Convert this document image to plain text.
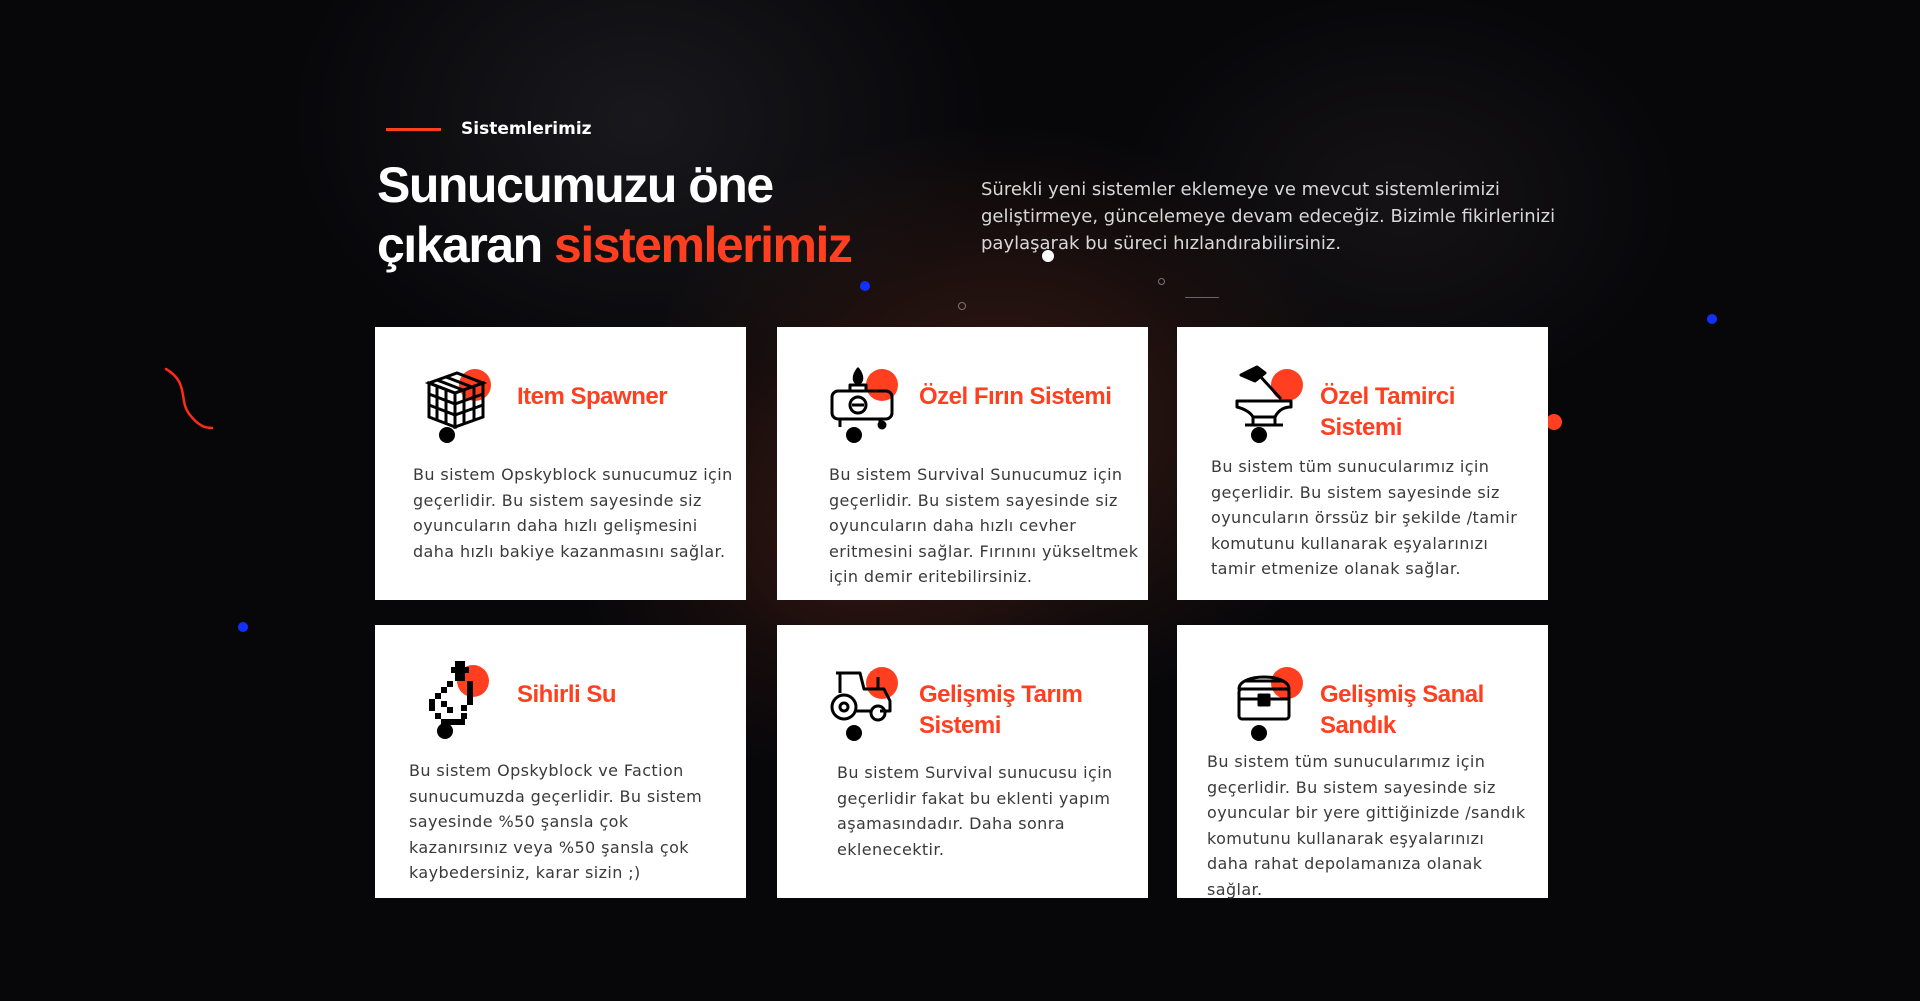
Sistemlerimiz
Sunucumuzu öne
çıkaran sistemlerimiz

Sürekli yeni sistemler eklemeye ve mevcut sistemlerimizi geliştirmeye, güncelemeye devam edeceğiz. Bizimle fikirlerinizi paylaşarak bu süreci hızlandırabilirsiniz.

Item Spawner

Bu sistem Opskyblock sunucumuz için geçerlidir. Bu sistem sayesinde siz oyuncuların daha hızlı gelişmesini daha hızlı bakiye kazanmasını sağlar.

Özel Fırın Sistemi

Bu sistem Survival Sunucumuz için geçerlidir. Bu sistem sayesinde siz oyuncuların daha hızlı cevher eritmesini sağlar. Fırınını yükseltmek için demir eritebilirsiniz.

Özel Tamirci Sistemi

Bu sistem tüm sunucularımız için geçerlidir. Bu sistem sayesinde siz oyuncuların örssüz bir şekilde /tamir komutunu kullanarak eşyalarınızı tamir etmenize olanak sağlar.

Sihirli Su

Bu sistem Opskyblock ve Faction sunucumuzda geçerlidir. Bu sistem sayesinde %50 şansla çok kazanırsınız veya %50 şansla çok kaybedersiniz, karar sizin ;)

Gelişmiş Tarım Sistemi

Bu sistem Survival sunucusu için geçerlidir fakat bu eklenti yapım aşamasındadır. Daha sonra eklenecektir.

Gelişmiş Sanal Sandık

Bu sistem tüm sunucularımız için geçerlidir. Bu sistem sayesinde siz oyuncular bir yere gittiğinizde /sandık komutunu kullanarak eşyalarınızı daha rahat depolamanıza olanak sağlar.
